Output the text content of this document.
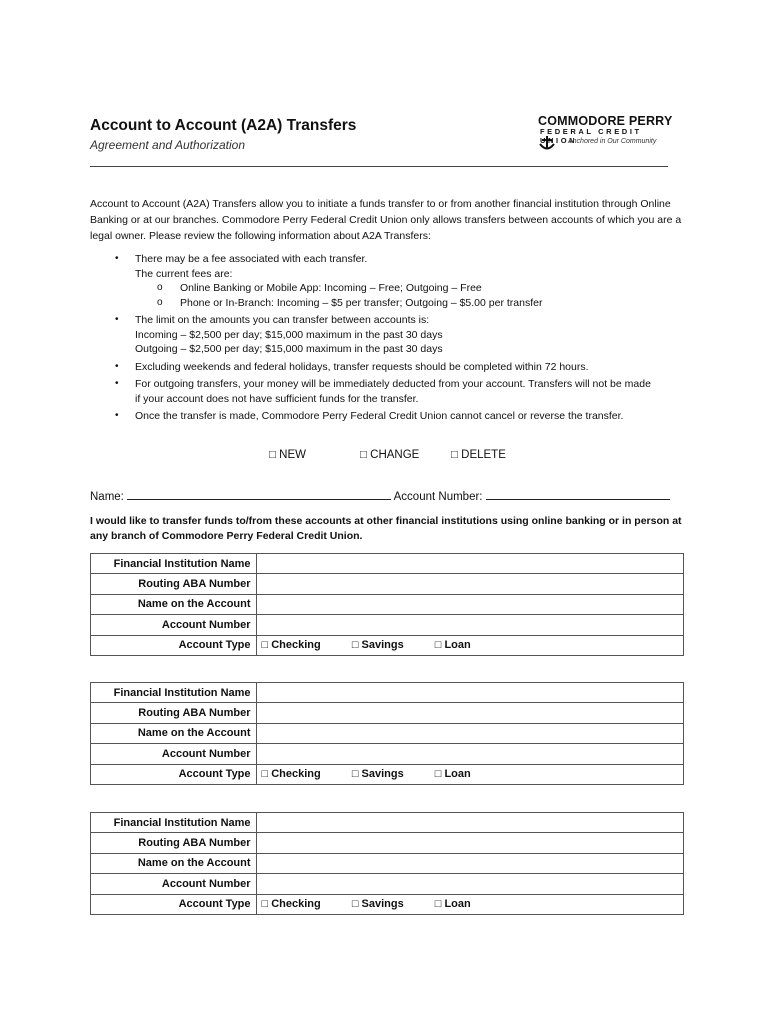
Account to Account (A2A) Transfers
Agreement and Authorization
COMMODORE PERRY
FEDERAL CREDIT UNION
Anchored in Our Community

Account to Account (A2A) Transfers allow you to initiate a funds transfer to or from another financial institution through Online Banking or at our branches. Commodore Perry Federal Credit Union only allows transfers between accounts of which you are a legal owner. Please review the following information about A2A Transfers:

• There may be a fee associated with each transfer.
The current fees are:
o Online Banking or Mobile App: Incoming – Free; Outgoing – Free
o Phone or In-Branch: Incoming – $5 per transfer; Outgoing – $5.00 per transfer
• The limit on the amounts you can transfer between accounts is:
Incoming – $2,500 per day; $15,000 maximum in the past 30 days
Outgoing – $2,500 per day; $15,000 maximum in the past 30 days
• Excluding weekends and federal holidays, transfer requests should be completed within 72 hours.
• For outgoing transfers, your money will be immediately deducted from your account. Transfers will not be made
if your account does not have sufficient funds for the transfer.
• Once the transfer is made, Commodore Perry Federal Credit Union cannot cancel or reverse the transfer.
□ NEW	□ CHANGE	□ DELETE
Name:	Account Number:

I would like to transfer funds to/from these accounts at other financial institutions using online banking or in person at any branch of Commodore Perry Federal Credit Union.

Financial Institution Name	
Routing ABA Number	
Name on the Account	
Account Number	
Account Type	□ Checking □ Savings □ Loan
Financial Institution Name	
Routing ABA Number	
Name on the Account	
Account Number	
Account Type	□ Checking □ Savings □ Loan
Financial Institution Name	
Routing ABA Number	
Name on the Account	
Account Number	
Account Type	□ Checking □ Savings □ Loan
